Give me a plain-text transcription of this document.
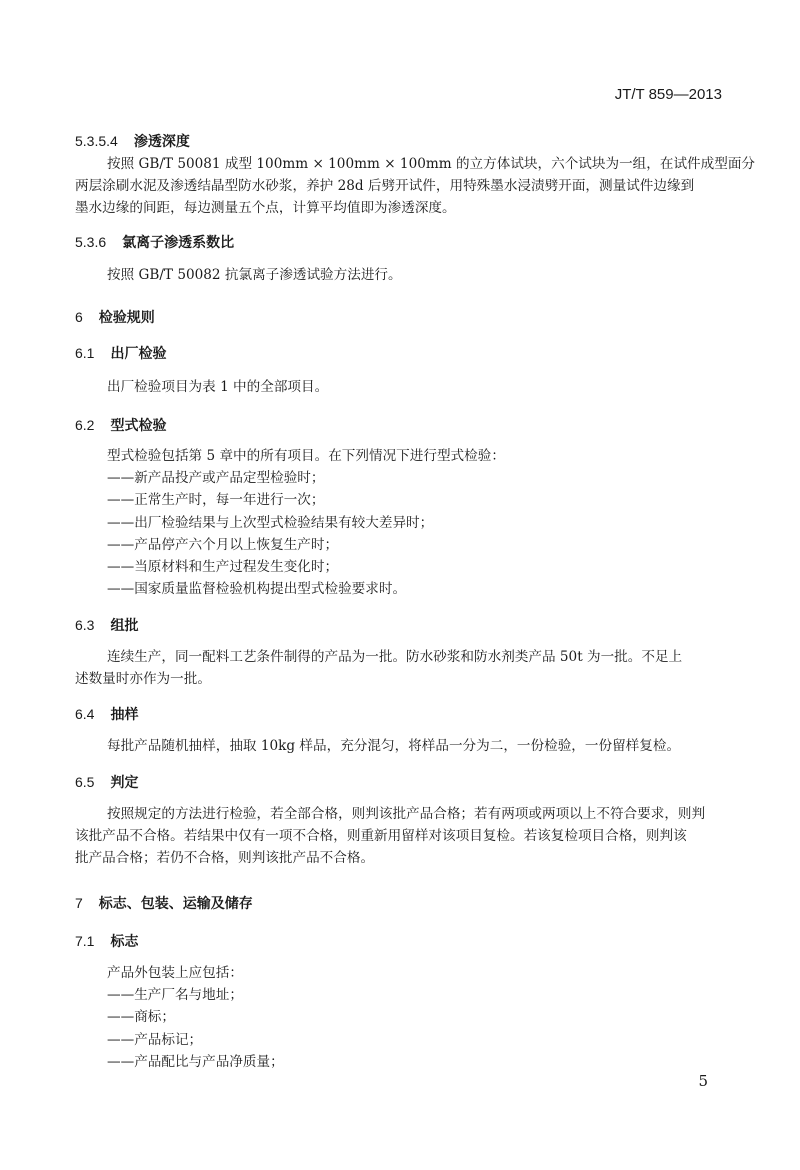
JT/T 859—2013
5.3.5.4 渗透深度
按照 GB/T 50081 成型 100mm × 100mm × 100mm 的立方体试块，六个试块为一组，在试件成型面分
两层涂刷水泥及渗透结晶型防水砂浆，养护 28d 后劈开试件，用特殊墨水浸渍劈开面，测量试件边缘到
墨水边缘的间距，每边测量五个点，计算平均值即为渗透深度。
5.3.6 氯离子渗透系数比
按照 GB/T 50082 抗氯离子渗透试验方法进行。
6 检验规则
6.1 出厂检验
出厂检验项目为表 1 中的全部项目。
6.2 型式检验
型式检验包括第 5 章中的所有项目。在下列情况下进行型式检验：
——新产品投产或产品定型检验时；
——正常生产时，每一年进行一次；
——出厂检验结果与上次型式检验结果有较大差异时；
——产品停产六个月以上恢复生产时；
——当原材料和生产过程发生变化时；
——国家质量监督检验机构提出型式检验要求时。
6.3 组批
连续生产，同一配料工艺条件制得的产品为一批。防水砂浆和防水剂类产品 50t 为一批。不足上
述数量时亦作为一批。
6.4 抽样
每批产品随机抽样，抽取 10kg 样品，充分混匀，将样品一分为二，一份检验，一份留样复检。
6.5 判定
按照规定的方法进行检验，若全部合格，则判该批产品合格；若有两项或两项以上不符合要求，则判
该批产品不合格。若结果中仅有一项不合格，则重新用留样对该项目复检。若该复检项目合格，则判该
批产品合格；若仍不合格，则判该批产品不合格。
7 标志、包装、运输及储存
7.1 标志
产品外包装上应包括：
——生产厂名与地址；
——商标；
——产品标记；
——产品配比与产品净质量；
5
